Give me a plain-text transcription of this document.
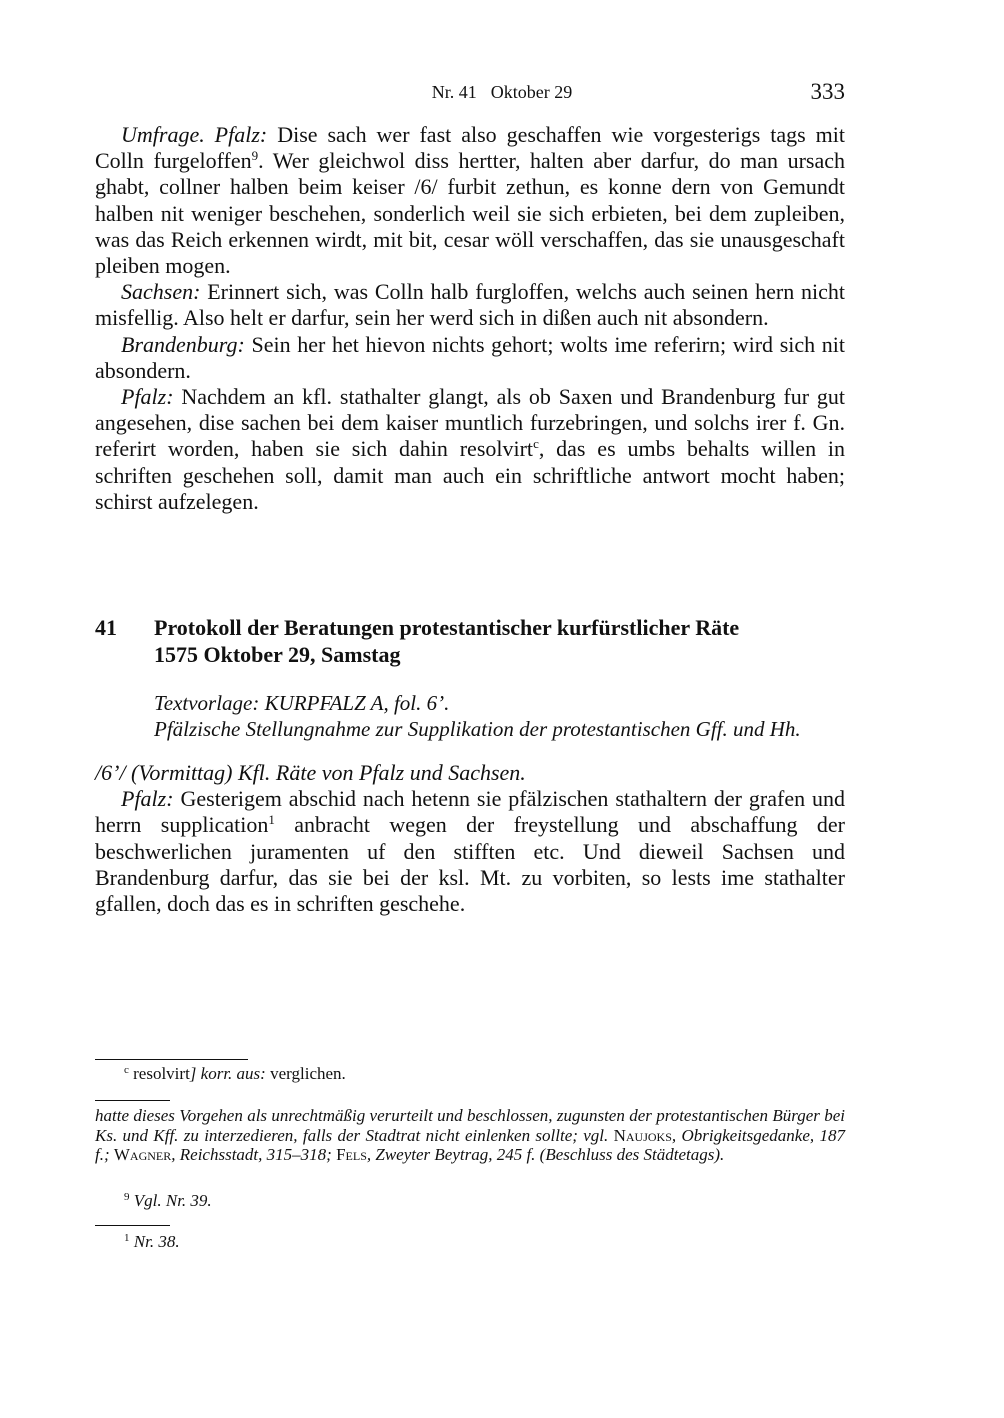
Nr. 41 Oktober 29	333

Umfrage. Pfalz: Dise sach wer fast also geschaffen wie vorgesterigs tags mit Colln furgeloffen$^9$. Wer gleichwol diss hertter, halten aber darfur, do man ursach ghabt, collner halben beim keiser /6/ furbit zethun, es konne dern von Gemundt halben nit weniger beschehen, sonderlich weil sie sich erbieten, bei dem zupleiben, was das Reich erkennen wirdt, mit bit, cesar wöll verschaffen, das sie unausgeschaft pleiben mogen.

Sachsen: Erinnert sich, was Colln halb furgloffen, welchs auch seinen hern nicht misfellig. Also helt er darfur, sein her werd sich in dißen auch nit absondern.

Brandenburg: Sein her het hievon nichts gehort; wolts ime referirn; wird sich nit absondern.

Pfalz: Nachdem an kfl. stathalter glangt, als ob Saxen und Brandenburg fur gut angesehen, dise sachen bei dem kaiser muntlich furzebringen, und solchs irer f. Gn. referirt worden, haben sie sich dahin resolvirt$^c$, das es umbs behalts willen in schriften geschehen soll, damit man auch ein schriftliche antwort mocht haben; schirst aufzelegen.

41 Protokoll der Beratungen protestantischer kurfürstlicher Räte
1575 Oktober 29, Samstag
Textvorlage: KURPFALZ A, fol. 6’.
Pfälzische Stellungnahme zur Supplikation der protestantischen Gff. und Hh.

/6’/ (Vormittag) Kfl. Räte von Pfalz und Sachsen.

Pfalz: Gesterigem abschid nach hetenn sie pfälzischen stathaltern der grafen und herrn supplication$^1$ anbracht wegen der freystellung und abschaffung der beschwerlichen juramenten uf den stifften etc. Und dieweil Sachsen und Brandenburg darfur, das sie bei der ksl. Mt. zu vorbiten, so lests ime stathalter gfallen, doch das es in schriften geschehe.

$^c$ resolvirt] korr. aus: verglichen.
hatte dieses Vorgehen als unrechtmäßig verurteilt und beschlossen, zugunsten der protestantischen Bürger bei Ks. und Kff. zu interzedieren, falls der Stadtrat nicht einlenken sollte; vgl. Naujoks, Obrigkeitsgedanke, 187 f.; Wagner, Reichsstadt, 315–318; Fels, Zweyter Beytrag, 245 f. (Beschluss des Städtetags).
$^9$ Vgl. Nr. 39.
$^1$ Nr. 38.
